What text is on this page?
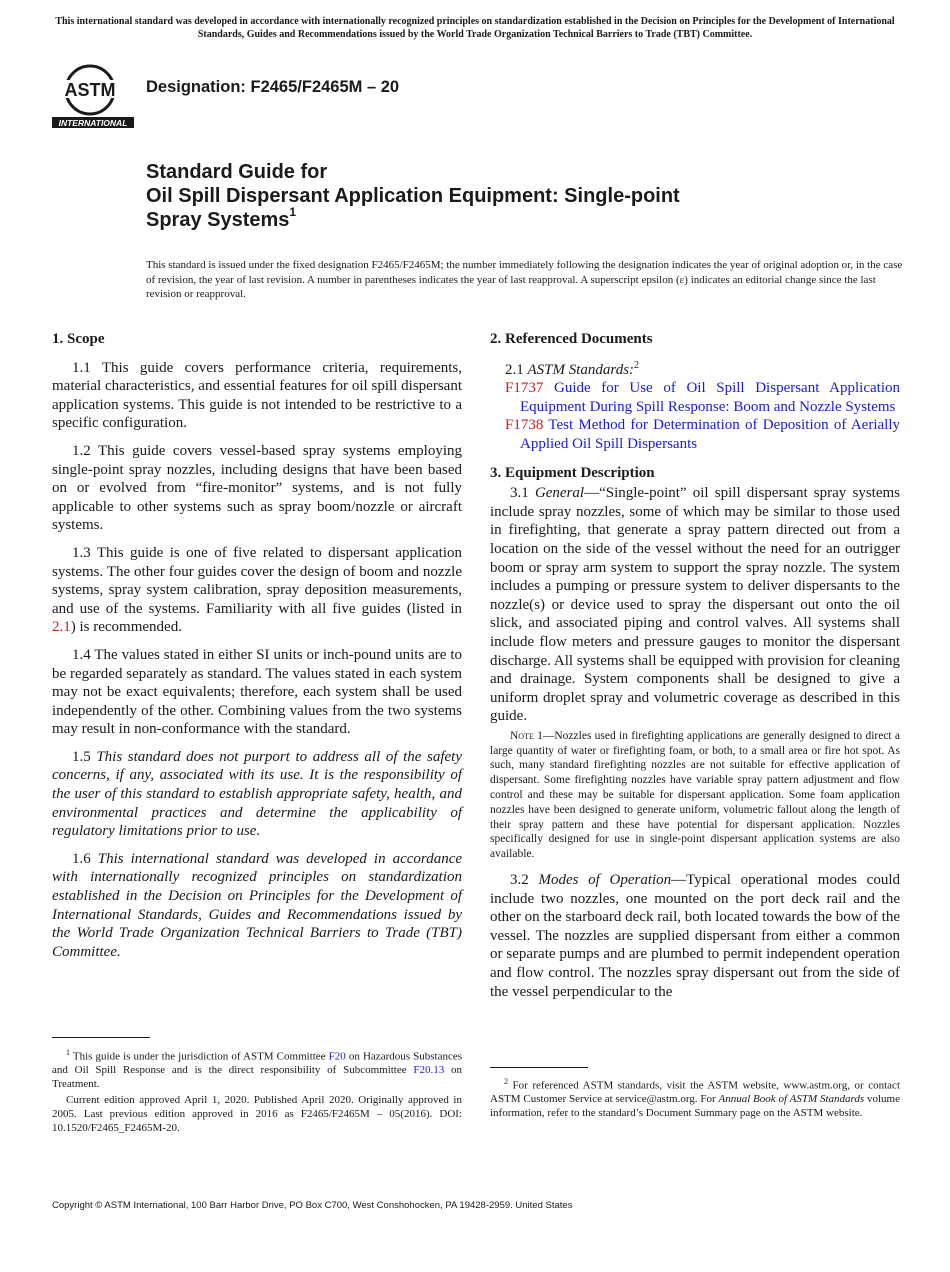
This international standard was developed in accordance with internationally recognized principles on standardization established in the Decision on Principles for the Development of International Standards, Guides and Recommendations issued by the World Trade Organization Technical Barriers to Trade (TBT) Committee.
ASTM
INTERNATIONAL
Designation: F2465/F2465M – 20
Standard Guide for
Oil Spill Dispersant Application Equipment: Single-point
Spray Systems$^1$
This standard is issued under the fixed designation F2465/F2465M; the number immediately following the designation indicates the year of original adoption or, in the case of revision, the year of last revision. A number in parentheses indicates the year of last reapproval. A superscript epsilon (ε) indicates an editorial change since the last revision or reapproval.
1. Scope

1.1 This guide covers performance criteria, requirements, material characteristics, and essential features for oil spill dispersant application systems. This guide is not intended to be restrictive to a specific configuration.

1.2 This guide covers vessel-based spray systems employing single-point spray nozzles, including designs that have been based on or evolved from “fire-monitor” systems, and is not fully applicable to other systems such as spray boom/nozzle or aircraft systems.

1.3 This guide is one of five related to dispersant application systems. The other four guides cover the design of boom and nozzle systems, spray system calibration, spray deposition measurements, and use of the systems. Familiarity with all five guides (listed in 2.1) is recommended.

1.4 The values stated in either SI units or inch-pound units are to be regarded separately as standard. The values stated in each system may not be exact equivalents; therefore, each system shall be used independently of the other. Combining values from the two systems may result in non-conformance with the standard.

1.5 This standard does not purport to address all of the safety concerns, if any, associated with its use. It is the responsibility of the user of this standard to establish appropriate safety, health, and environmental practices and determine the applicability of regulatory limitations prior to use.

1.6 This international standard was developed in accordance with internationally recognized principles on standardization established in the Decision on Principles for the Development of International Standards, Guides and Recommendations issued by the World Trade Organization Technical Barriers to Trade (TBT) Committee.

2. Referenced Documents

2.1 ASTM Standards:$^2$

F1737 Guide for Use of Oil Spill Dispersant Application Equipment During Spill Response: Boom and Nozzle Systems

F1738 Test Method for Determination of Deposition of Aerially Applied Oil Spill Dispersants

3. Equipment Description

3.1 General—“Single-point” oil spill dispersant spray systems include spray nozzles, some of which may be similar to those used in firefighting, that generate a spray pattern directed out from a location on the side of the vessel without the need for an outrigger boom or spray arm system to support the spray nozzle. The system includes a pumping or pressure system to deliver dispersants to the nozzle(s) or device used to spray the dispersant out onto the oil slick, and associated piping and control valves. All systems shall include flow meters and pressure gauges to monitor the dispersant discharge. All systems shall be equipped with provision for cleaning and drainage. System components shall be designed to give a uniform droplet spray and volumetric coverage as described in this guide.

Note 1—Nozzles used in firefighting applications are generally designed to direct a large quantity of water or firefighting foam, or both, to a small area or fire hot spot. As such, many standard firefighting nozzles are not suitable for effective application of dispersant. Some firefighting nozzles have variable spray pattern adjustment and flow control and these may be suitable for dispersant application. Some foam application nozzles have been designed to generate uniform, volumetric fallout along the length of their spray pattern and these have potential for dispersant application. Nozzles specifically designed for use in single-point dispersant application systems are also available.

3.2 Modes of Operation—Typical operational modes could include two nozzles, one mounted on the port deck rail and the other on the starboard deck rail, both located towards the bow of the vessel. The nozzles are supplied dispersant from either a common or separate pumps and are plumbed to permit independent operation and flow control. The nozzles spray dispersant out from the side of the vessel perpendicular to the

$^1$ This guide is under the jurisdiction of ASTM Committee F20 on Hazardous Substances and Oil Spill Response and is the direct responsibility of Subcommittee F20.13 on Treatment.

Current edition approved April 1, 2020. Published April 2020. Originally approved in 2005. Last previous edition approved in 2016 as F2465/F2465M – 05(2016). DOI: 10.1520/F2465_F2465M-20.

$^2$ For referenced ASTM standards, visit the ASTM website, www.astm.org, or contact ASTM Customer Service at service@astm.org. For Annual Book of ASTM Standards volume information, refer to the standard’s Document Summary page on the ASTM website.

Copyright © ASTM International, 100 Barr Harbor Drive, PO Box C700, West Conshohocken, PA 19428-2959. United States
